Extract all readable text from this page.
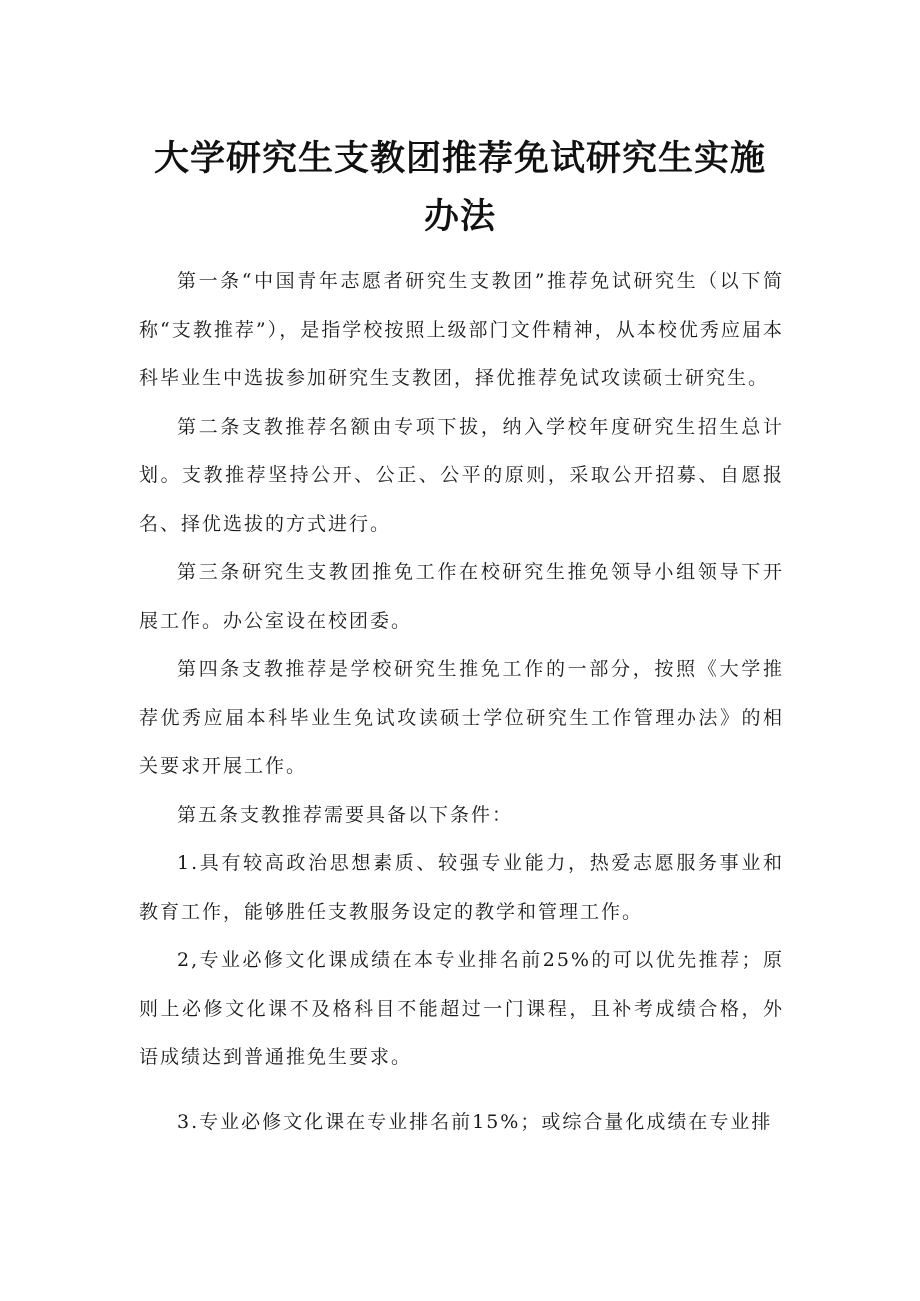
大学研究生支教团推荐免试研究生实施办法

第一条“中国青年志愿者研究生支教团”推荐免试研究生（以下简称“支教推荐”），是指学校按照上级部门文件精神，从本校优秀应届本科毕业生中选拔参加研究生支教团，择优推荐免试攻读硕士研究生。

第二条支教推荐名额由专项下拔，纳入学校年度研究生招生总计划。支教推荐坚持公开、公正、公平的原则，采取公开招募、自愿报名、择优选拔的方式进行。

第三条研究生支教团推免工作在校研究生推免领导小组领导下开展工作。办公室设在校团委。

第四条支教推荐是学校研究生推免工作的一部分，按照《大学推荐优秀应届本科毕业生免试攻读硕士学位研究生工作管理办法》的相关要求开展工作。

第五条支教推荐需要具备以下条件：

1.具有较高政治思想素质、较强专业能力，热爱志愿服务事业和教育工作，能够胜任支教服务设定的教学和管理工作。

2,专业必修文化课成绩在本专业排名前25%的可以优先推荐；原则上必修文化课不及格科目不能超过一门课程，且补考成绩合格，外语成绩达到普通推免生要求。

3.专业必修文化课在专业排名前15%；或综合量化成绩在专业排
